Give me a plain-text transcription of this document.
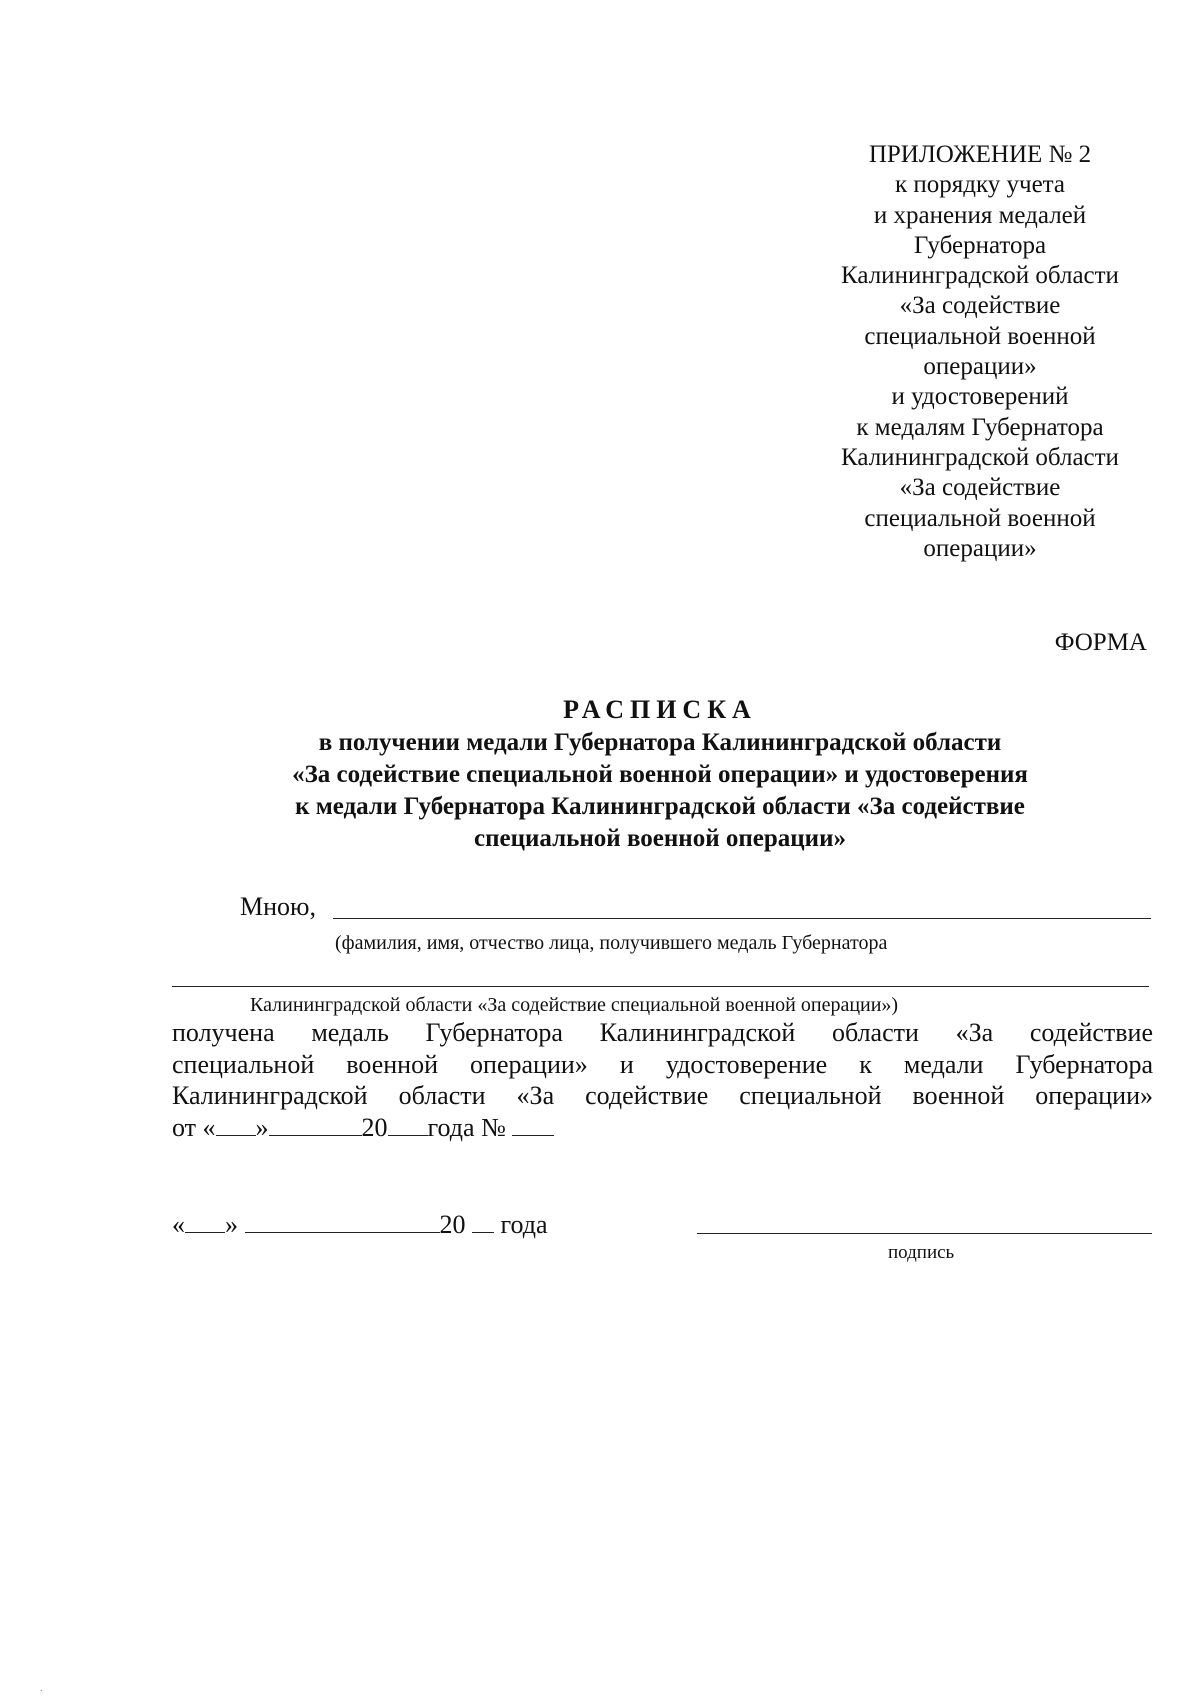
ПРИЛОЖЕНИЕ № 2
к порядку учета
и хранения медалей
Губернатора
Калининградской области
«За содействие
специальной военной
операции»
и удостоверений
к медалям Губернатора
Калининградской области
«За содействие
специальной военной
операции»
ФОРМА
РАСПИСКА
в получении медали Губернатора Калининградской области
«За содействие специальной военной операции» и удостоверения
к медали Губернатора Калининградской области «За содействие
специальной военной операции»
Мною,
(фамилия, имя, отчество лица, получившего медаль Губернатора
Калининградской области «За содействие специальной военной операции»)
получена медаль Губернатора Калининградской области «За содействие
специальной военной операции» и удостоверение к медали Губернатора
Калининградской области «За содействие специальной военной операции»
от « »	20 года №
« »	20 года
подпись
.
